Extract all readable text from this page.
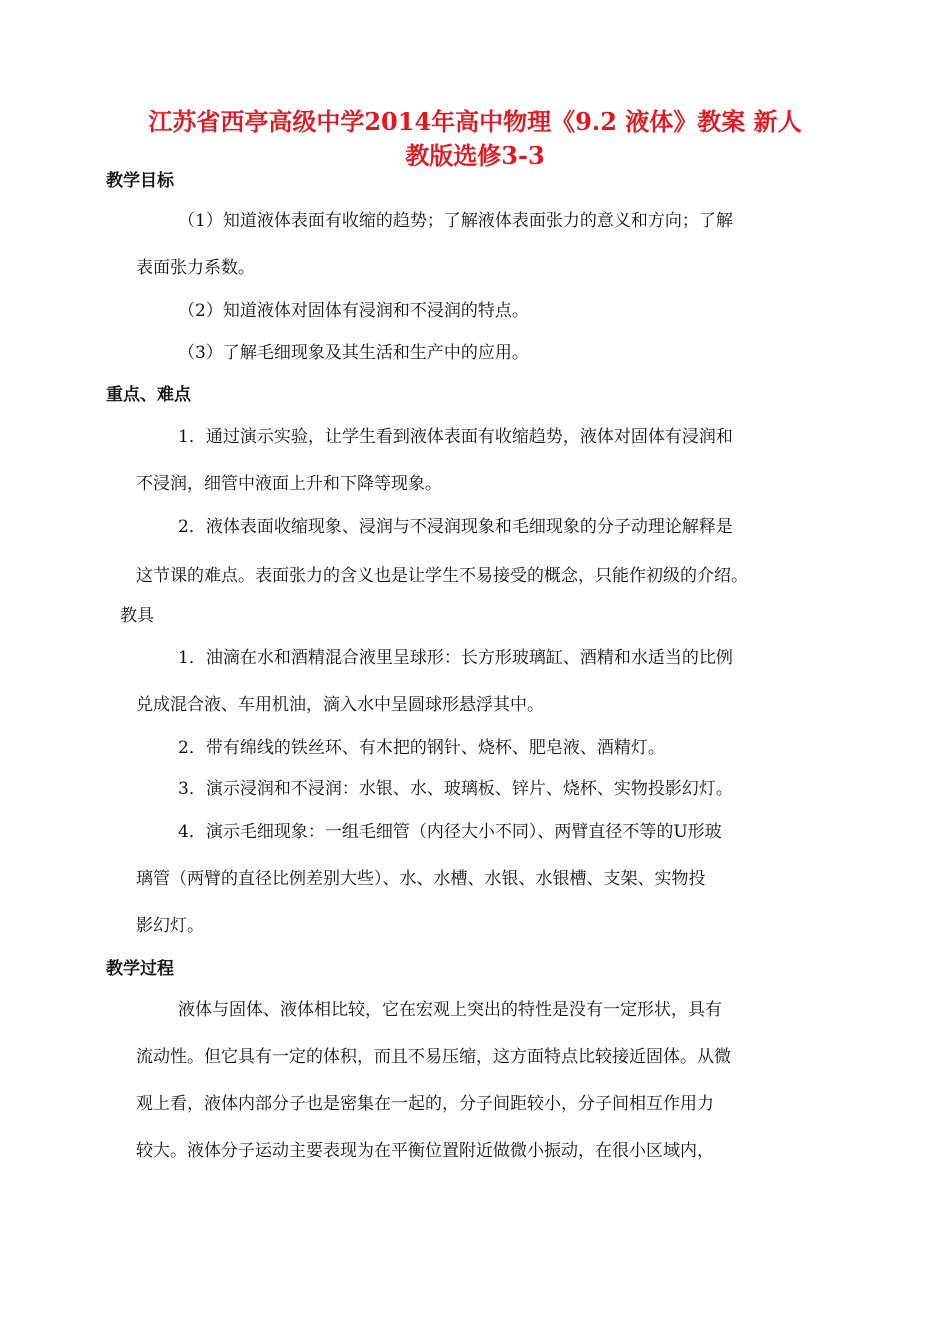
江苏省西亭高级中学2014年高中物理《9.2 液体》教案 新人
教版选修3-3
教学目标
（1）知道液体表面有收缩的趋势；了解液体表面张力的意义和方向；了解
表面张力系数。
（2）知道液体对固体有浸润和不浸润的特点。
（3）了解毛细现象及其生活和生产中的应用。
重点、难点
1．通过演示实验，让学生看到液体表面有收缩趋势，液体对固体有浸润和
不浸润，细管中液面上升和下降等现象。
2．液体表面收缩现象、浸润与不浸润现象和毛细现象的分子动理论解释是
这节课的难点。表面张力的含义也是让学生不易接受的概念，只能作初级的介绍。
教具
1．油滴在水和酒精混合液里呈球形：长方形玻璃缸、酒精和水适当的比例
兑成混合液、车用机油，滴入水中呈圆球形悬浮其中。
2．带有绵线的铁丝环、有木把的钢针、烧杯、肥皂液、酒精灯。
3．演示浸润和不浸润：水银、水、玻璃板、锌片、烧杯、实物投影幻灯。
4．演示毛细现象：一组毛细管（内径大小不同）、两臂直径不等的U形玻
璃管（两臂的直径比例差别大些）、水、水槽、水银、水银槽、支架、实物投
影幻灯。
教学过程
液体与固体、液体相比较，它在宏观上突出的特性是没有一定形状，具有
流动性。但它具有一定的体积，而且不易压缩，这方面特点比较接近固体。从微
观上看，液体内部分子也是密集在一起的，分子间距较小，分子间相互作用力
较大。液体分子运动主要表现为在平衡位置附近做微小振动，在很小区域内，
